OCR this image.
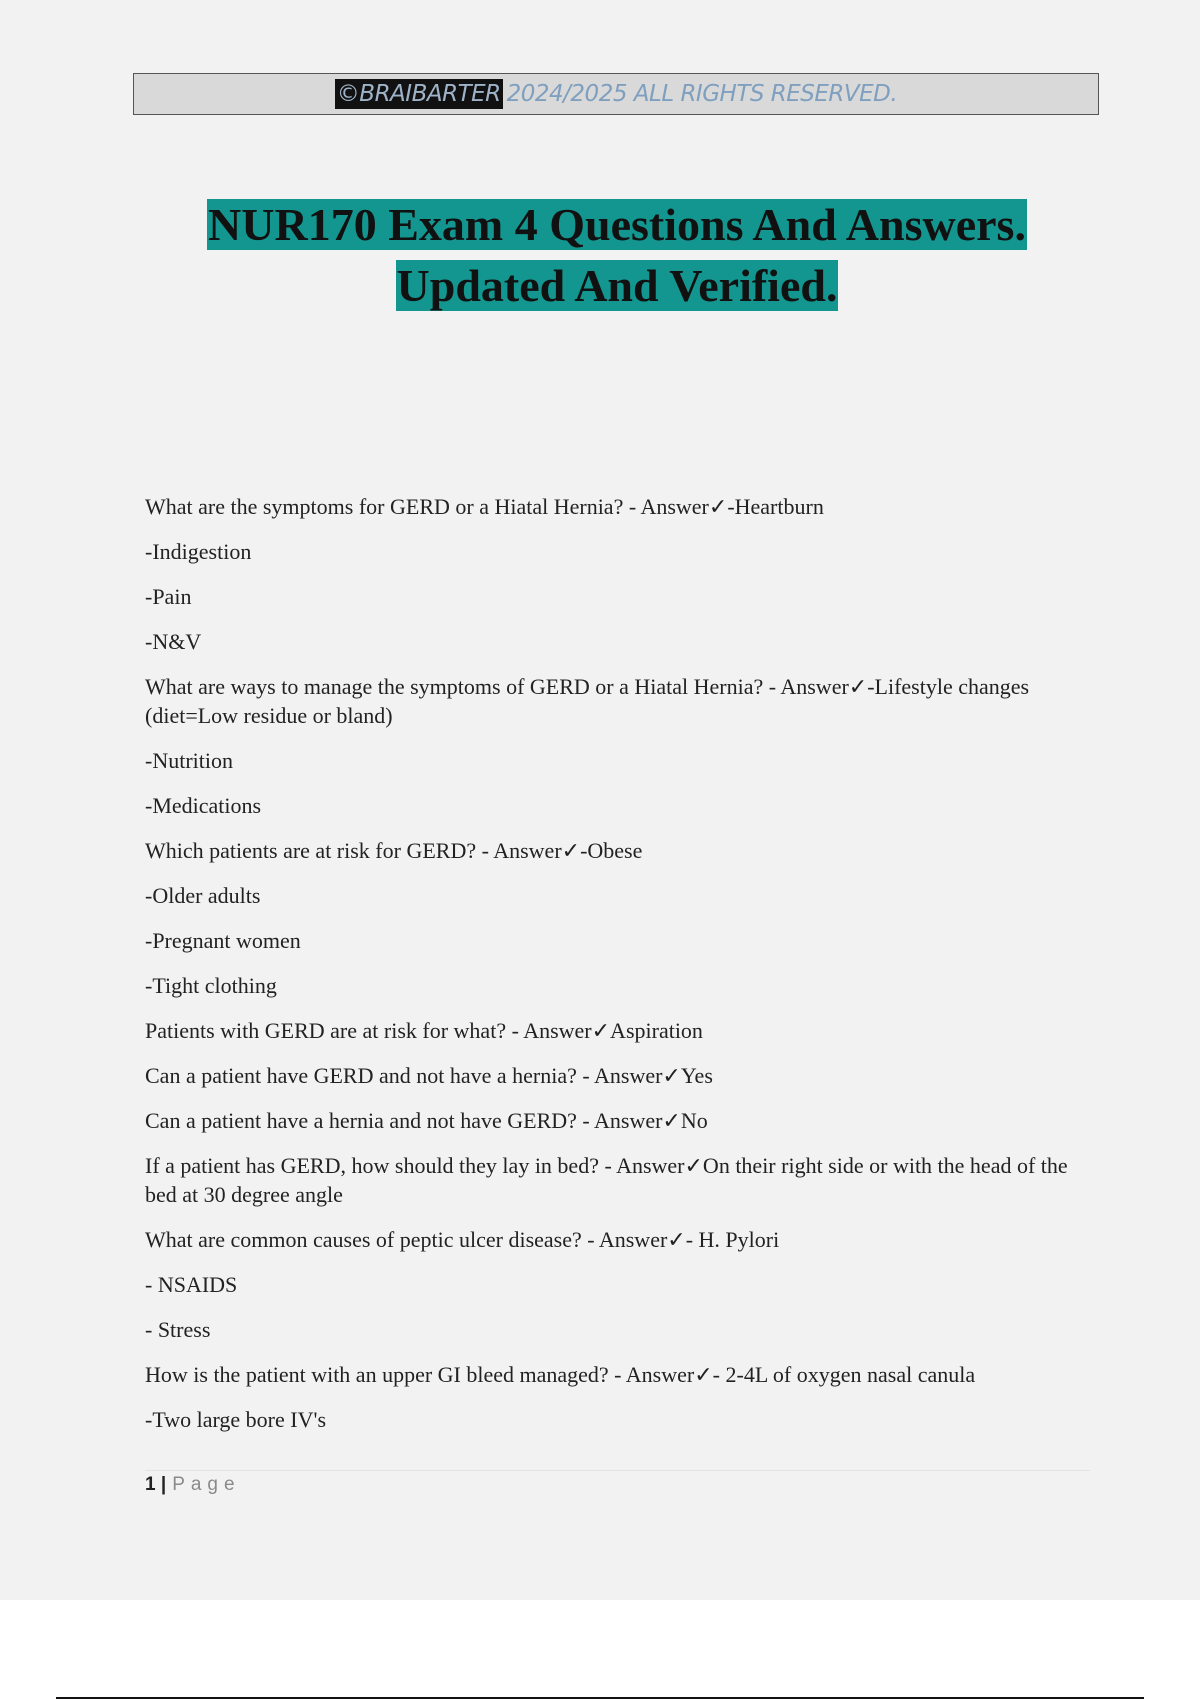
©BRAIBARTER 2024/2025 ALL RIGHTS RESERVED.
NUR170 Exam 4 Questions And Answers.
Updated And Verified.

What are the symptoms for GERD or a Hiatal Hernia? - Answer✓-Heartburn

-Indigestion

-Pain

-N&V

What are ways to manage the symptoms of GERD or a Hiatal Hernia? - Answer✓-Lifestyle changes (diet=Low residue or bland)

-Nutrition

-Medications

Which patients are at risk for GERD? - Answer✓-Obese

-Older adults

-Pregnant women

-Tight clothing

Patients with GERD are at risk for what? - Answer✓Aspiration

Can a patient have GERD and not have a hernia? - Answer✓Yes

Can a patient have a hernia and not have GERD? - Answer✓No

If a patient has GERD, how should they lay in bed? - Answer✓On their right side or with the head of the bed at 30 degree angle

What are common causes of peptic ulcer disease? - Answer✓- H. Pylori

- NSAIDS

- Stress

How is the patient with an upper GI bleed managed? - Answer✓- 2-4L of oxygen nasal canula

-Two large bore IV's

1 | Page
